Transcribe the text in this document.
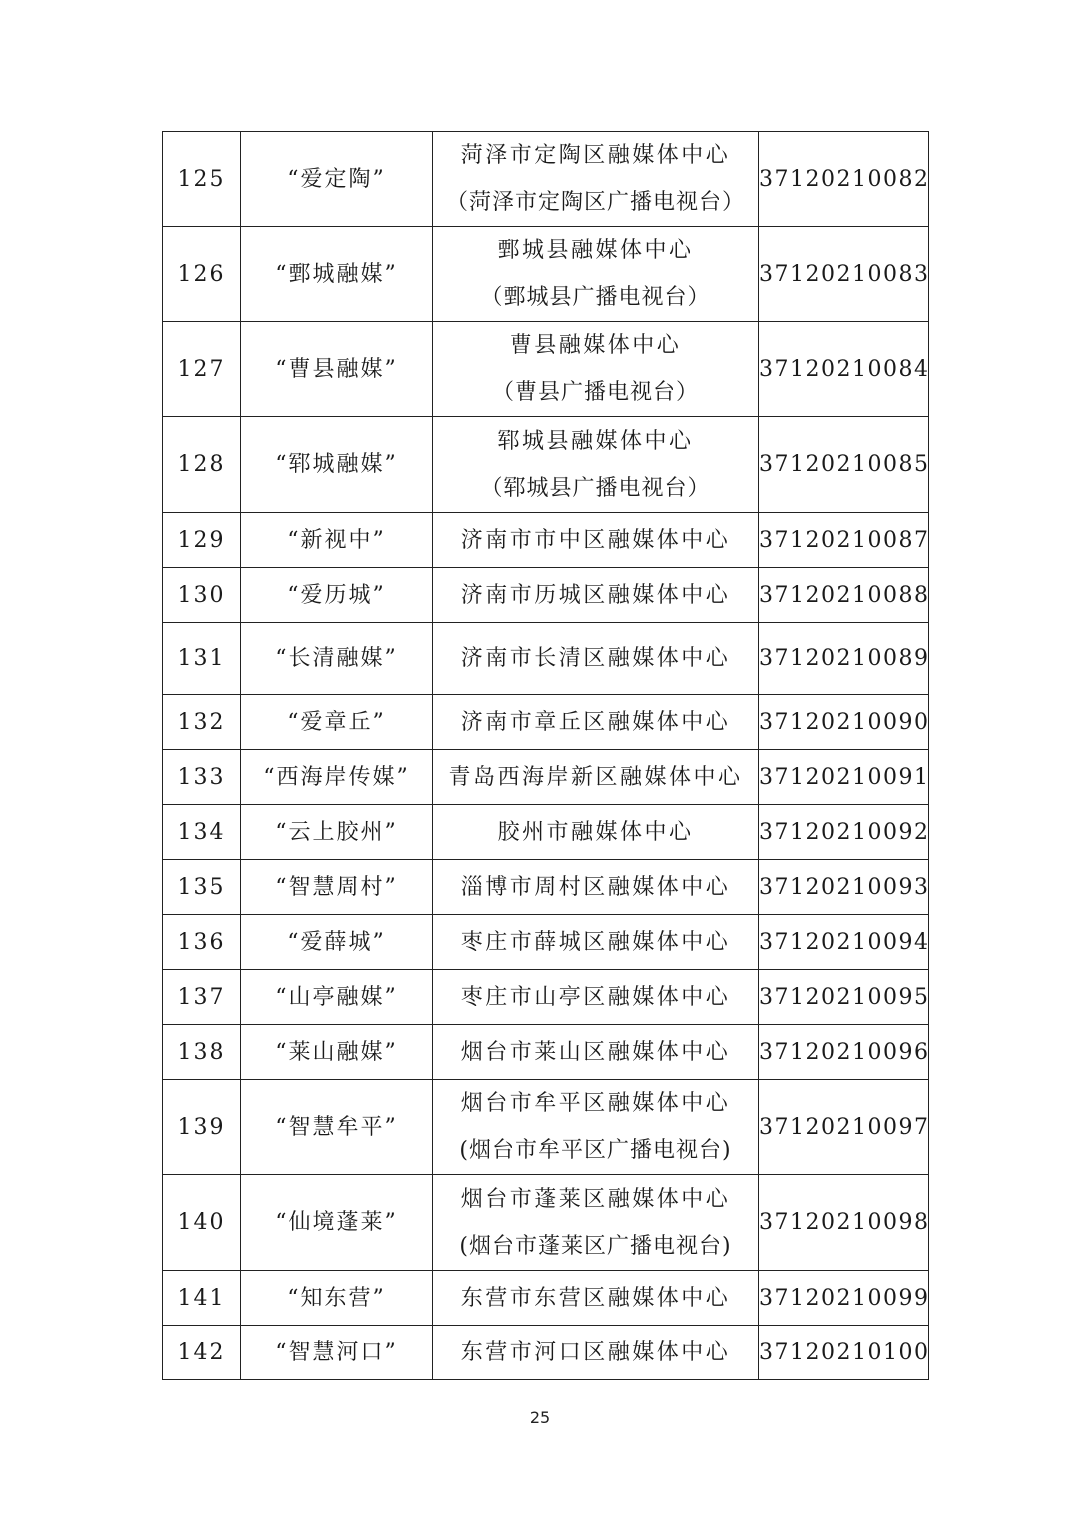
125	“爱定陶”	菏泽市定陶区融媒体中心
（菏泽市定陶区广播电视台）	37120210082
126	“鄄城融媒”	鄄城县融媒体中心
（鄄城县广播电视台）	37120210083
127	“曹县融媒”	曹县融媒体中心
（曹县广播电视台）	37120210084
128	“郓城融媒”	郓城县融媒体中心
（郓城县广播电视台）	37120210085
129	“新视中”	济南市市中区融媒体中心	37120210087
130	“爱历城”	济南市历城区融媒体中心	37120210088
131	“长清融媒”	济南市长清区融媒体中心	37120210089
132	“爱章丘”	济南市章丘区融媒体中心	37120210090
133	“西海岸传媒”	青岛西海岸新区融媒体中心	37120210091
134	“云上胶州”	胶州市融媒体中心	37120210092
135	“智慧周村”	淄博市周村区融媒体中心	37120210093
136	“爱薛城”	枣庄市薛城区融媒体中心	37120210094
137	“山亭融媒”	枣庄市山亭区融媒体中心	37120210095
138	“莱山融媒”	烟台市莱山区融媒体中心	37120210096
139	“智慧牟平”	烟台市牟平区融媒体中心
(烟台市牟平区广播电视台)	37120210097
140	“仙境蓬莱”	烟台市蓬莱区融媒体中心
(烟台市蓬莱区广播电视台)	37120210098
141	“知东营”	东营市东营区融媒体中心	37120210099
142	“智慧河口”	东营市河口区融媒体中心	37120210100
25
